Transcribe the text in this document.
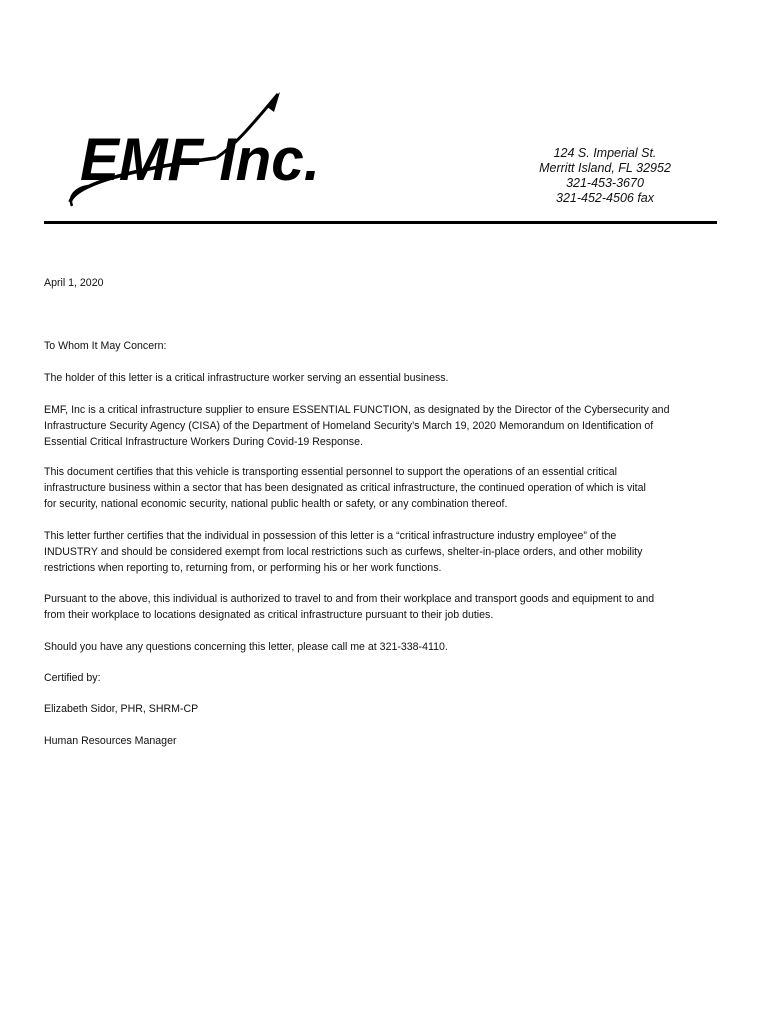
EMF Inc.	124 S. Imperial St.
Merritt Island, FL 32952
321-453-3670
321-452-4506 fax
April 1, 2020
To Whom It May Concern:
The holder of this letter is a critical infrastructure worker serving an essential business.
EMF, Inc is a critical infrastructure supplier to ensure ESSENTIAL FUNCTION, as designated by the Director of the Cybersecurity and
Infrastructure Security Agency (CISA) of the Department of Homeland Security’s March 19, 2020 Memorandum on Identification of
Essential Critical Infrastructure Workers During Covid-19 Response.
This document certifies that this vehicle is transporting essential personnel to support the operations of an essential critical
infrastructure business within a sector that has been designated as critical infrastructure, the continued operation of which is vital
for security, national economic security, national public health or safety, or any combination thereof.
This letter further certifies that the individual in possession of this letter is a “critical infrastructure industry employee” of the
INDUSTRY and should be considered exempt from local restrictions such as curfews, shelter-in-place orders, and other mobility
restrictions when reporting to, returning from, or performing his or her work functions.
Pursuant to the above, this individual is authorized to travel to and from their workplace and transport goods and equipment to and
from their workplace to locations designated as critical infrastructure pursuant to their job duties.
Should you have any questions concerning this letter, please call me at 321-338-4110.
Certified by:
Elizabeth Sidor, PHR, SHRM-CP
Human Resources Manager
